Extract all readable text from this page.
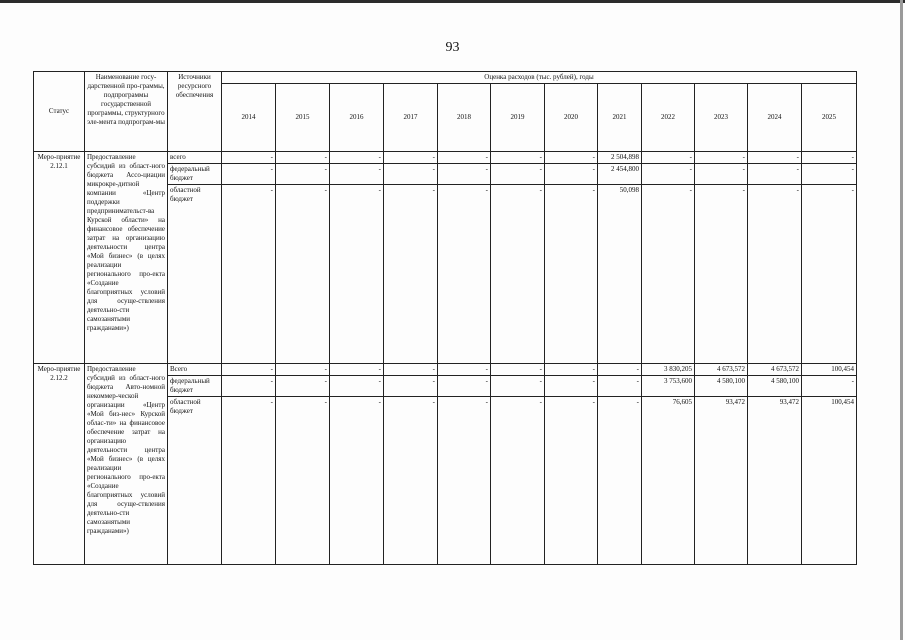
93
Статус	Наименование госу-дарственной про-граммы, подпрограммы государственной программы, структурного эле-мента подпрограм-мы	Источники ресурсного обеспечения	Оценка расходов (тыс. рублей), годы											
			2014	2015	2016	2017	2018	2019	2020	2021	2022	2023	2024	2025
Меро-приятие 2.12.1	Предоставление субсидий из област-ного бюджета Ассо-циации микрокре-дитной компании «Центр поддержки предпринимательст-ва Курской области» на финансовое обеспечение затрат на организацию деятельности центра «Мой бизнес» (в целях реализации регионального про-екта «Создание благоприятных условий для осуще-ствления деятельно-сти самозанятыми гражданами»)	всего	-	-	-	-	-	-	-	2 504,898	-	-	-	-
		федеральный бюджет	-	-	-	-	-	-	-	2 454,800	-	-	-	-
		областной бюджет	-	-	-	-	-	-	-	50,098	-	-	-	-
Меро-приятие 2.12.2	Предоставление субсидий из област-ного бюджета Авто-номной некоммер-ческой организации «Центр «Мой биз-нес» Курской облас-ти» на финансовое обеспечение затрат на организацию деятельности центра «Мой бизнес» (в целях реализации регионального про-екта «Создание благоприятных условий для осуще-ствления деятельно-сти самозанятыми гражданами»)	Всего	-	-	-	-	-	-	-	-	3 830,205	4 673,572	4 673,572	100,454
		федеральный бюджет	-	-	-	-	-	-	-	-	3 753,600	4 580,100	4 580,100	-
		областной бюджет	-	-	-	-	-	-	-	-	76,605	93,472	93,472	100,454
